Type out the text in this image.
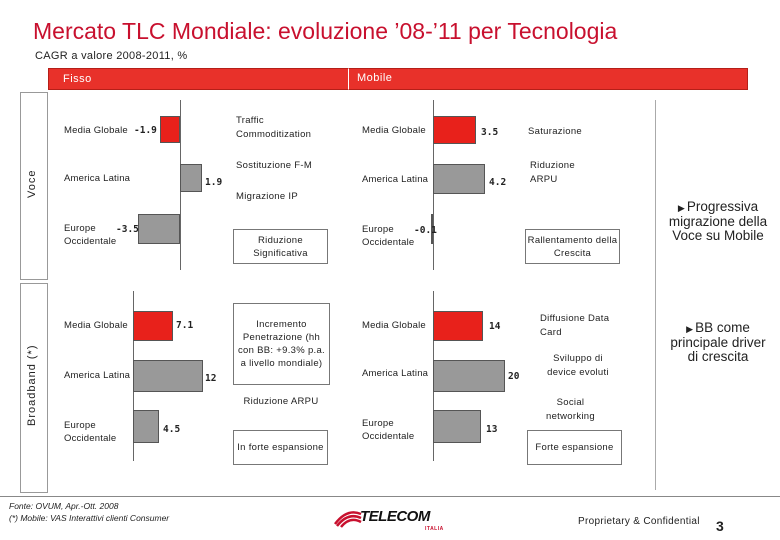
Mercato TLC Mondiale: evoluzione ’08-’11 per Tecnologia
CAGR a valore 2008-2011, %
Fisso	Mobile
Voce
Broadband (*)
Media Globale
America Latina
Europe Occidentale
-1.9
1.9
-3.5
Traffic Commoditization
Sostituzione F-M
Migrazione IP
Riduzione Significativa
Media Globale
America Latina
Europe Occidentale
7.1
12
4.5
Incremento Penetrazione (hh con BB: +9.3% p.a. a livello mondiale)
Riduzione ARPU
In forte espansione
Media Globale
America Latina
Europe Occidentale
3.5
4.2
-0.1
Saturazione
Riduzione ARPU
Rallentamento della Crescita
Media Globale
America Latina
Europe Occidentale
14
20
13
Diffusione Data Card
Sviluppo di device evoluti
Social networking
Forte espansione
▶ Progressiva migrazione della Voce su Mobile
▶ BB come principale driver di crescita
Fonte: OVUM, Apr.-Ott. 2008
(*) Mobile: VAS Interattivi clienti Consumer	TELECOM
ITALIA
Proprietary & Confidential 3
